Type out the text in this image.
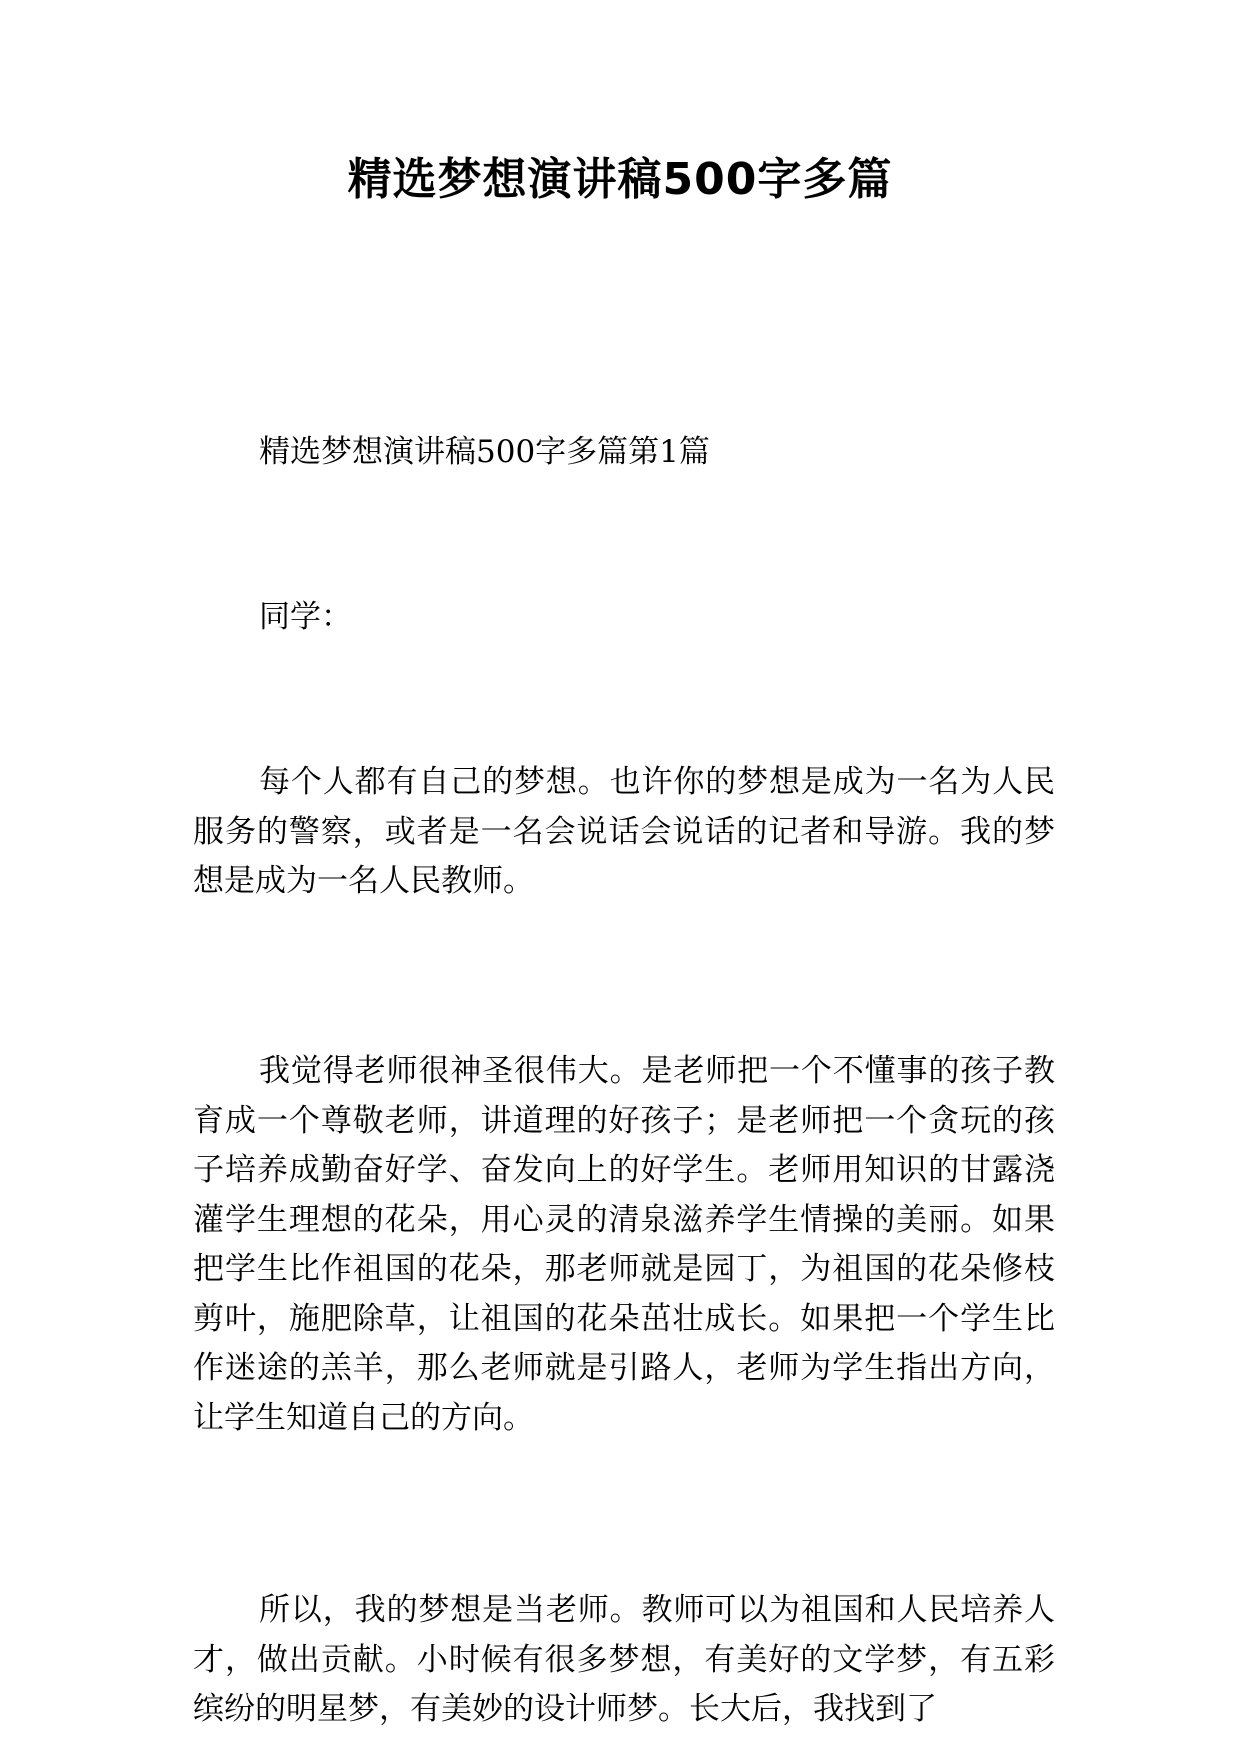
精选梦想演讲稿500字多篇

精选梦想演讲稿500字多篇第1篇

同学：

每个人都有自己的梦想。也许你的梦想是成为一名为人民服务的警察，或者是一名会说话会说话的记者和导游。我的梦想是成为一名人民教师。

我觉得老师很神圣很伟大。是老师把一个不懂事的孩子教育成一个尊敬老师，讲道理的好孩子；是老师把一个贪玩的孩子培养成勤奋好学、奋发向上的好学生。老师用知识的甘露浇灌学生理想的花朵，用心灵的清泉滋养学生情操的美丽。如果把学生比作祖国的花朵，那老师就是园丁，为祖国的花朵修枝剪叶，施肥除草，让祖国的花朵茁壮成长。如果把一个学生比作迷途的羔羊，那么老师就是引路人，老师为学生指出方向，让学生知道自己的方向。

所以，我的梦想是当老师。教师可以为祖国和人民培养人才，做出贡献。小时候有很多梦想，有美好的文学梦，有五彩缤纷的明星梦，有美妙的设计师梦。长大后，我找到了
